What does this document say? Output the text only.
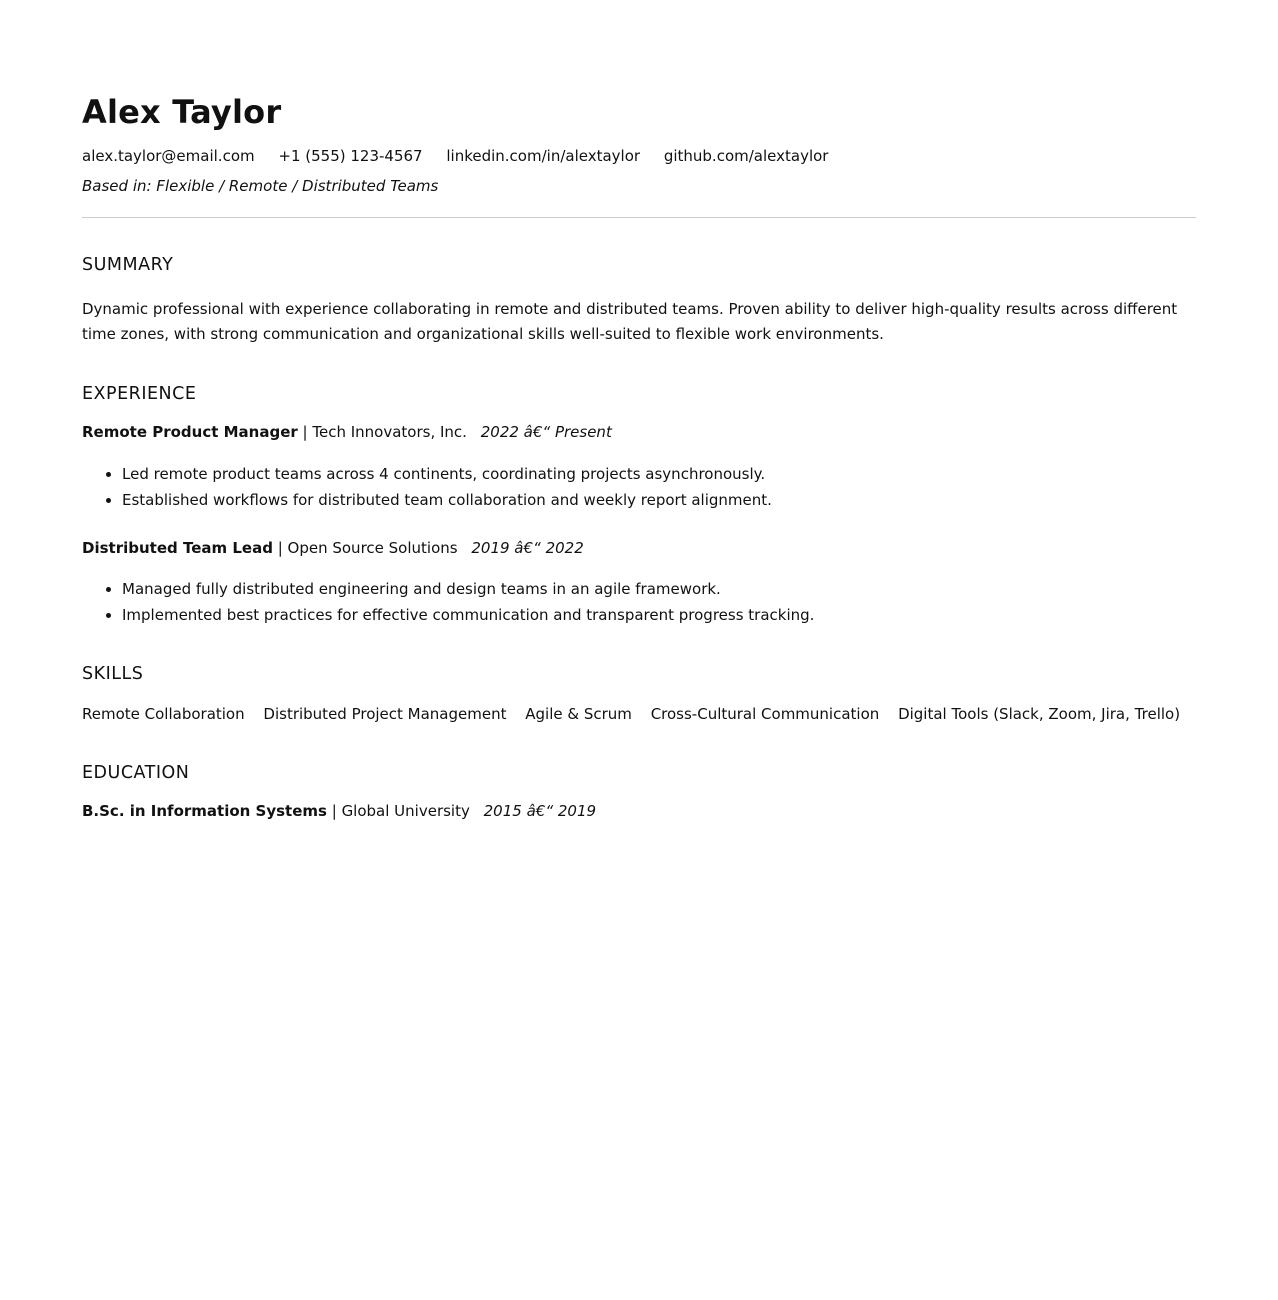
Alex Taylor
alex.taylor@email.com +1 (555) 123-4567 linkedin.com/in/alextaylor github.com/alextaylor
Based in: Flexible / Remote / Distributed Teams
SUMMARY
Dynamic professional with experience collaborating in remote and distributed teams. Proven ability to deliver high-quality results across different time zones, with strong communication and organizational skills well-suited to flexible work environments.
EXPERIENCE
Remote Product Manager | Tech Innovators, Inc. 2022 â€“ Present
• Led remote product teams across 4 continents, coordinating projects asynchronously.
• Established workflows for distributed team collaboration and weekly report alignment.
Distributed Team Lead | Open Source Solutions 2019 â€“ 2022
• Managed fully distributed engineering and design teams in an agile framework.
• Implemented best practices for effective communication and transparent progress tracking.
SKILLS
Remote Collaboration Distributed Project Management Agile & Scrum Cross-Cultural Communication Digital Tools (Slack, Zoom, Jira, Trello)
EDUCATION
B.Sc. in Information Systems | Global University 2015 â€“ 2019
